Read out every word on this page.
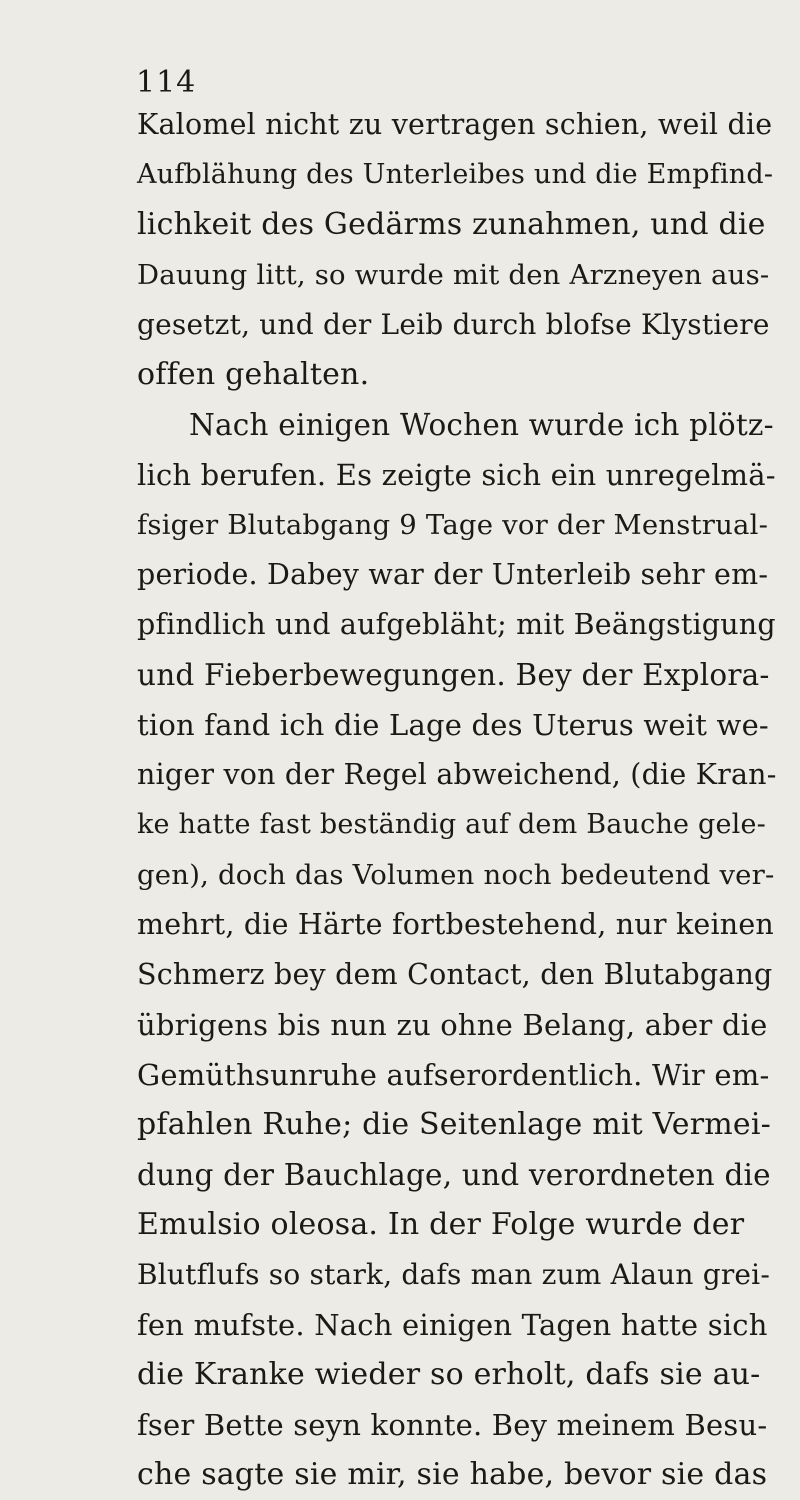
114
Kalomel nicht zu vertragen schien, weil die
Aufblähung des Unterleibes und die Empfind-
lichkeit des Gedärms zunahmen, und die
Dauung litt, so wurde mit den Arzneyen aus-
gesetzt, und der Leib durch blofse Klystiere
offen gehalten.
Nach einigen Wochen wurde ich plötz-
lich berufen. Es zeigte sich ein unregelmä-
fsiger Blutabgang 9 Tage vor der Menstrual-
periode. Dabey war der Unterleib sehr em-
pfindlich und aufgebläht; mit Beängstigung
und Fieberbewegungen. Bey der Explora-
tion fand ich die Lage des Uterus weit we-
niger von der Regel abweichend, (die Kran-
ke hatte fast beständig auf dem Bauche gele-
gen), doch das Volumen noch bedeutend ver-
mehrt, die Härte fortbestehend, nur keinen
Schmerz bey dem Contact, den Blutabgang
übrigens bis nun zu ohne Belang, aber die
Gemüthsunruhe aufserordentlich. Wir em-
pfahlen Ruhe; die Seitenlage mit Vermei-
dung der Bauchlage, und verordneten die
Emulsio oleosa. In der Folge wurde der
Blutflufs so stark, dafs man zum Alaun grei-
fen mufste. Nach einigen Tagen hatte sich
die Kranke wieder so erholt, dafs sie au-
fser Bette seyn konnte. Bey meinem Besu-
che sagte sie mir, sie habe, bevor sie das
